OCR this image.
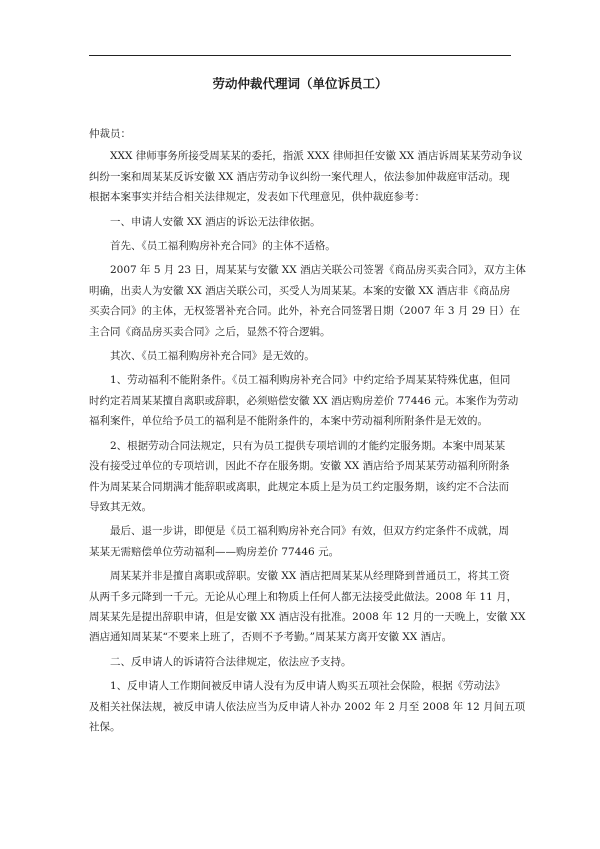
劳动仲裁代理词（单位诉员工）

仲裁员：

XXX 律师事务所接受周某某的委托，指派 XXX 律师担任安徽 XX 酒店诉周某某劳动争议
纠纷一案和周某某反诉安徽 XX 酒店劳动争议纠纷一案代理人，依法参加仲裁庭审活动。现
根据本案事实并结合相关法律规定，发表如下代理意见，供仲裁庭参考：

一、申请人安徽 XX 酒店的诉讼无法律依据。

首先、《员工福利购房补充合同》的主体不适格。

2007 年 5 月 23 日，周某某与安徽 XX 酒店关联公司签署《商品房买卖合同》，双方主体
明确，出卖人为安徽 XX 酒店关联公司，买受人为周某某。本案的安徽 XX 酒店非《商品房
买卖合同》的主体，无权签署补充合同。此外，补充合同签署日期（2007 年 3 月 29 日）在
主合同《商品房买卖合同》之后，显然不符合逻辑。

其次、《员工福利购房补充合同》是无效的。

1、劳动福利不能附条件。《员工福利购房补充合同》中约定给予周某某特殊优惠，但同
时约定若周某某擅自离职或辞职，必须赔偿安徽 XX 酒店购房差价 77446 元。本案作为劳动
福利案件，单位给予员工的福利是不能附条件的，本案中劳动福利所附条件是无效的。

2、根据劳动合同法规定，只有为员工提供专项培训的才能约定服务期。本案中周某某
没有接受过单位的专项培训，因此不存在服务期。安徽 XX 酒店给予周某某劳动福利所附条
件为周某某合同期满才能辞职或离职，此规定本质上是为员工约定服务期，该约定不合法而
导致其无效。

最后、退一步讲，即便是《员工福利购房补充合同》有效，但双方约定条件不成就，周
某某无需赔偿单位劳动福利——购房差价 77446 元。

周某某并非是擅自离职或辞职。安徽 XX 酒店把周某某从经理降到普通员工，将其工资
从两千多元降到一千元。无论从心理上和物质上任何人都无法接受此做法。2008 年 11 月，
周某某先是提出辞职申请，但是安徽 XX 酒店没有批准。2008 年 12 月的一天晚上，安徽 XX
酒店通知周某某“不要来上班了，否则不予考勤。”周某某方离开安徽 XX 酒店。

二、反申请人的诉请符合法律规定，依法应予支持。

1、反申请人工作期间被反申请人没有为反申请人购买五项社会保险，根据《劳动法》
及相关社保法规，被反申请人依法应当为反申请人补办 2002 年 2 月至 2008 年 12 月间五项
社保。
